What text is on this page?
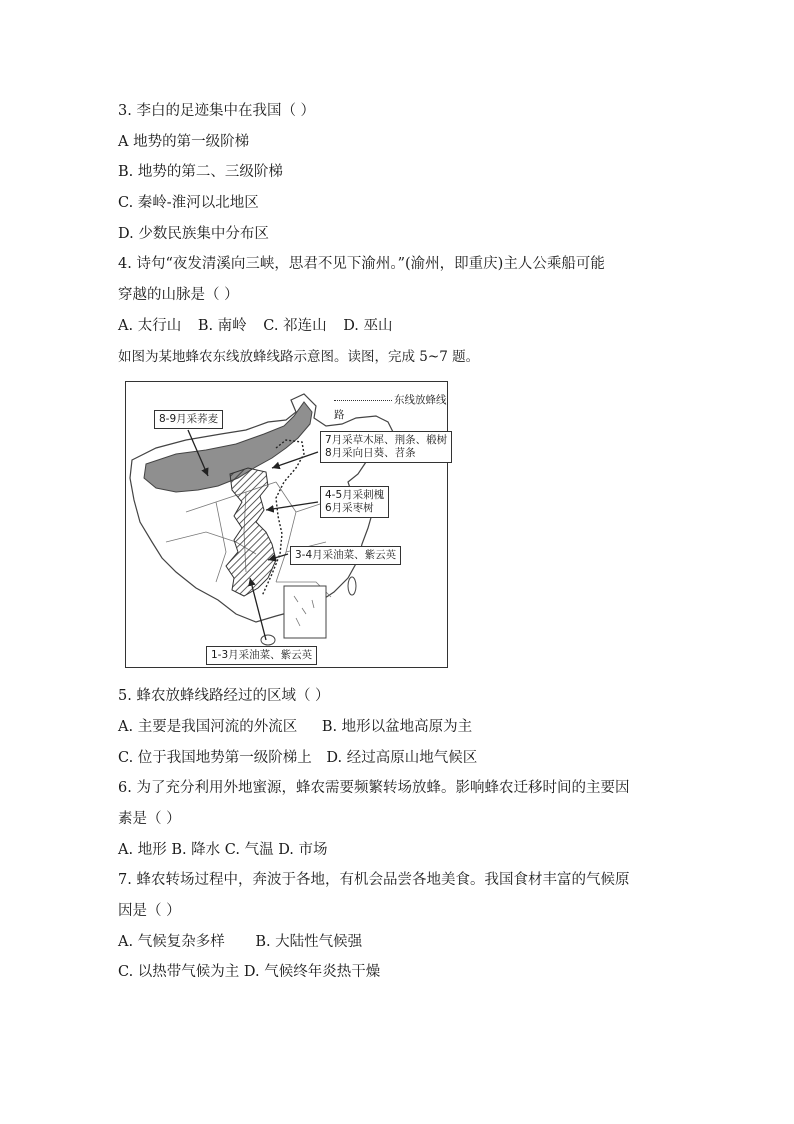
3. 李白的足迹集中在我国（ ）
A 地势的第一级阶梯
B. 地势的第二、三级阶梯
C. 秦岭-淮河以北地区
D. 少数民族集中分布区
4. 诗句“夜发清溪向三峡，思君不见下渝州。”(渝州，即重庆)主人公乘船可能
穿越的山脉是（ ）
A. 太行山 B. 南岭 C. 祁连山 D. 巫山
如图为某地蜂农东线放蜂线路示意图。读图，完成 5~7 题。
东线放蜂线路
8-9月采荞麦
7月采草木犀、荆条、椴树
8月采向日葵、苕条
4-5月采刺槐
6月采枣树
3-4月采油菜、紫云英
1-3月采油菜、紫云英
5. 蜂农放蜂线路经过的区域（ ）
A. 主要是我国河流的外流区 B. 地形以盆地高原为主
C. 位于我国地势第一级阶梯上 D. 经过高原山地气候区
6. 为了充分利用外地蜜源，蜂农需要频繁转场放蜂。影响蜂农迁移时间的主要因
素是（ ）
A. 地形 B. 降水 C. 气温 D. 市场
7. 蜂农转场过程中，奔波于各地，有机会品尝各地美食。我国食材丰富的气候原
因是（ ）
A. 气候复杂多样 B. 大陆性气候强
C. 以热带气候为主 D. 气候终年炎热干燥
